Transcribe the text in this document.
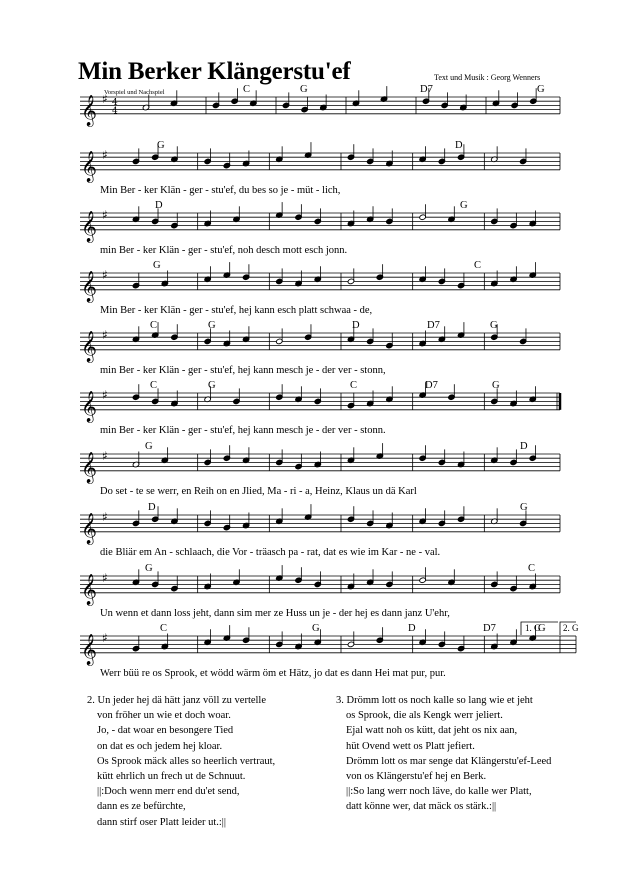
Min Berker Klängerstu'ef	Text und Musik : Georg Wenners
𝄞 ♯ 4
4
C	G	D7	G
𝄞 ♯
G	D
Min Ber - ker Klän - ger - stu'ef, du bes so je - müt - lich,
𝄞 ♯
D	G
min Ber - ker Klän - ger - stu'ef, noh desch mott esch jonn.
𝄞 ♯
G	C
Min Ber - ker Klän - ger - stu'ef, hej kann esch platt schwaa - de,
𝄞 ♯
C	G	D	D7	G
min Ber - ker Klän - ger - stu'ef, hej kann mesch je - der ver - stonn,
𝄞 ♯
C	G	C	D7	G
min Ber - ker Klän - ger - stu'ef, hej kann mesch je - der ver - stonn.
𝄞 ♯
G	D
Do set - te se werr, en Reih on en Jlied, Ma - ri - a, Heinz, Klaus un dä Karl
𝄞 ♯
D	G
die Bliär em An - schlaach, die Vor - träasch pa - rat, dat es wie im Kar - ne - val.
𝄞 ♯
G	C
Un wenn et dann loss jeht, dann sim mer ze Huss un je - der hej es dann janz U'ehr,
𝄞 ♯
C	G	D	D7	G
1. G	2. G
Werr büü re os Sprook, et wödd wärm öm et Hätz, jo dat es dann Hei mat pur, pur.
Vorspiel und Nachspiel
2. Un jeder hej dä hätt janz völl zu vertelle
von fröher un wie et doch woar.
Jo, - dat woar en besongere Tied
on dat es och jedem hej kloar.
Os Sprook mäck alles so heerlich vertraut,
kütt ehrlich un frech ut de Schnuut.
||:Doch wenn merr end du'et send,
dann es ze befürchte,
dann stirf oser Platt leider ut.:||
3. Drömm lott os noch kalle so lang wie et jeht
os Sprook, die als Kengk werr jeliert.
Ejal watt noh os kütt, dat jeht os nix aan,
hüt Ovend wett os Platt jefiert.
Drömm lott os mar senge dat Klängerstu'ef-Leed
von os Klängerstu'ef hej en Berk.
||:So lang werr noch läve, do kalle wer Platt,
datt könne wer, dat mäck os stärk.:||
